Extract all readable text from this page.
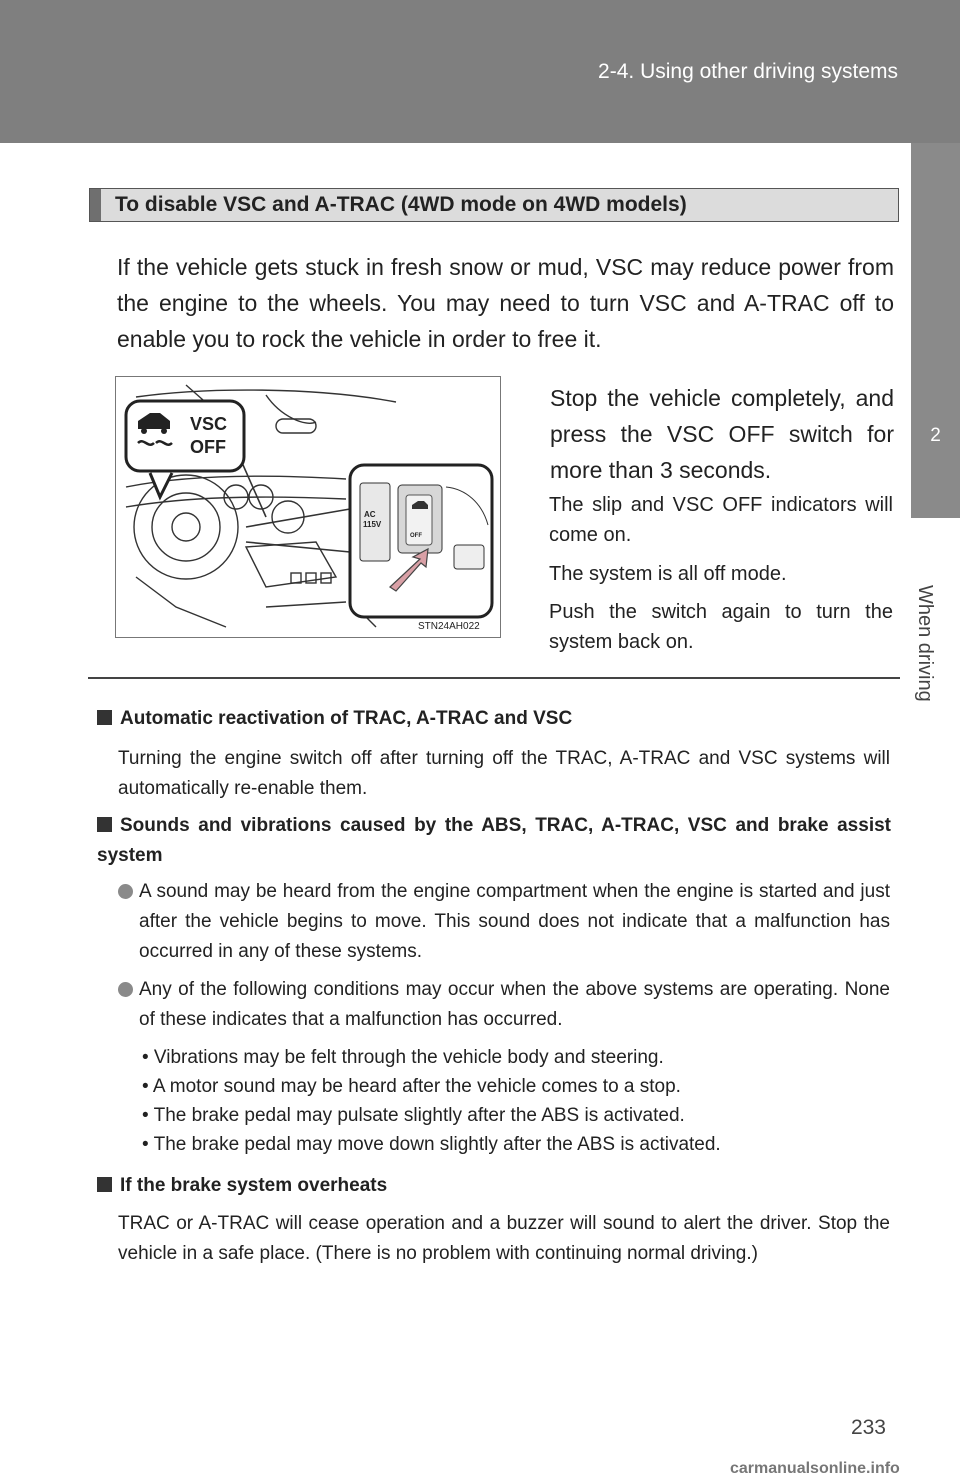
2-4. Using other driving systems
2
When driving
To disable VSC and A-TRAC (4WD mode on 4WD models)
If the vehicle gets stuck in fresh snow or mud, VSC may reduce power from the engine to the wheels. You may need to turn VSC and A-TRAC off to enable you to rock the vehicle in order to free it.
VSC
OFF
AC
115V
OFF
STN24AH022
Stop the vehicle completely, and press the VSC OFF switch for more than 3 seconds.
The slip and VSC OFF indicators will come on.
The system is all off mode.
Push the switch again to turn the system back on.
Automatic reactivation of TRAC, A-TRAC and VSC
Turning the engine switch off after turning off the TRAC, A-TRAC and VSC systems will automatically re-enable them.
Sounds and vibrations caused by the ABS, TRAC, A-TRAC, VSC and brake assist system
A sound may be heard from the engine compartment when the engine is started and just after the vehicle begins to move. This sound does not indicate that a malfunction has occurred in any of these systems.
Any of the following conditions may occur when the above systems are operating. None of these indicates that a malfunction has occurred.
• Vibrations may be felt through the vehicle body and steering.
• A motor sound may be heard after the vehicle comes to a stop.
• The brake pedal may pulsate slightly after the ABS is activated.
• The brake pedal may move down slightly after the ABS is activated.
If the brake system overheats
TRAC or A-TRAC will cease operation and a buzzer will sound to alert the driver. Stop the vehicle in a safe place. (There is no problem with continuing normal driving.)
233
carmanualsonline.info
